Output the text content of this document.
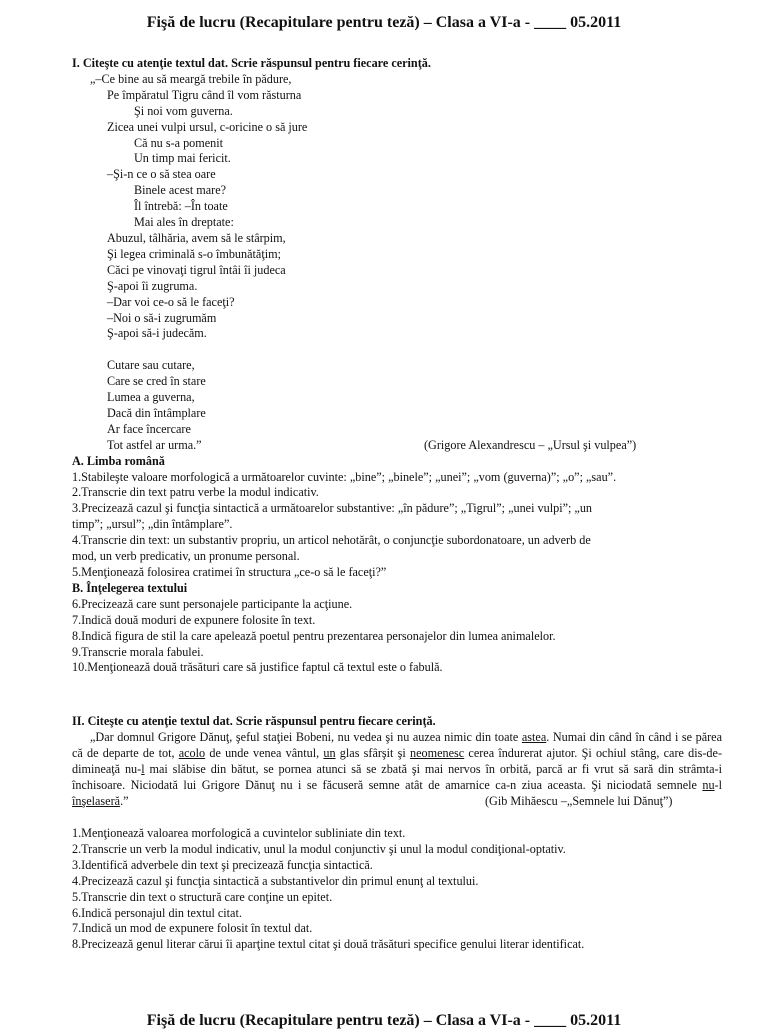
Fişă de lucru (Recapitulare pentru teză) – Clasa a VI-a - ____ 05.2011
I. Citeşte cu atenţie textul dat. Scrie răspunsul pentru fiecare cerinţă.
„–Ce bine au să meargă trebile în pădure,
Pe împăratul Tigru când îl vom răsturna
Şi noi vom guverna.
Zicea unei vulpi ursul, c-oricine o să jure
Că nu s-a pomenit
Un timp mai fericit.
–Şi-n ce o să stea oare
Binele acest mare?
Îl întrebă: –În toate
Mai ales în dreptate:
Abuzul, tâlhăria, avem să le stârpim,
Şi legea criminală s-o îmbunătăţim;
Căci pe vinovaţi tigrul întâi îi judeca
Ş-apoi îi zugruma.
–Dar voi ce-o să le faceţi?
–Noi o să-i zugrumăm
Ş-apoi să-i judecăm.
Cutare sau cutare,
Care se cred în stare
Lumea a guverna,
Dacă din întâmplare
Ar face încercare
Tot astfel ar urma.”	(Grigore Alexandrescu – „Ursul şi vulpea”)
A. Limba română
1.Stabileşte valoare morfologică a următoarelor cuvinte: „bine”; „binele”; „unei”; „vom (guverna)”; „o”; „sau”.
2.Transcrie din text patru verbe la modul indicativ.
3.Precizează cazul şi funcţia sintactică a următoarelor substantive: „în pădure”; „Tigrul”; „unei vulpi”; „un
timp”; „ursul”; „din întâmplare”.
4.Transcrie din text: un substantiv propriu, un articol nehotărât, o conjuncţie subordonatoare, un adverb de
mod, un verb predicativ, un pronume personal.
5.Menţionează folosirea cratimei în structura „ce-o să le faceţi?”
B. Înţelegerea textului
6.Precizează care sunt personajele participante la acţiune.
7.Indică două moduri de expunere folosite în text.
8.Indică figura de stil la care apelează poetul pentru prezentarea personajelor din lumea animalelor.
9.Transcrie morala fabulei.
10.Menţionează două trăsături care să justifice faptul că textul este o fabulă.
II. Citeşte cu atenţie textul dat. Scrie răspunsul pentru fiecare cerinţă.
„Dar domnul Grigore Dănuţ, şeful staţiei Bobeni, nu vedea şi nu auzea nimic din toate astea. Numai din când în când i se părea că de departe de tot, acolo de unde venea vântul, un glas sfârşit şi neomenesc cerea îndurerat ajutor. Şi ochiul stâng, care dis-de-dimineaţă nu-l mai slăbise din bătut, se pornea atunci să se zbată şi mai nervos în orbită, parcă ar fi vrut să sară din strâmta-i închisoare. Niciodată lui Grigore Dănuţ nu i se făcuseră semne atât de amarnice ca-n ziua aceasta. Şi niciodată semnele nu-l înşelaseră.”	(Gib Mihăescu –„Semnele lui Dănuţ”)
1.Menţionează valoarea morfologică a cuvintelor subliniate din text.
2.Transcrie un verb la modul indicativ, unul la modul conjunctiv şi unul la modul condiţional-optativ.
3.Identifică adverbele din text şi precizează funcţia sintactică.
4.Precizează cazul şi funcţia sintactică a substantivelor din primul enunţ al textului.
5.Transcrie din text o structură care conţine un epitet.
6.Indică personajul din textul citat.
7.Indică un mod de expunere folosit în textul dat.
8.Precizează genul literar cărui îi aparţine textul citat şi două trăsături specifice genului literar identificat.
Fişă de lucru (Recapitulare pentru teză) – Clasa a VI-a - ____ 05.2011
